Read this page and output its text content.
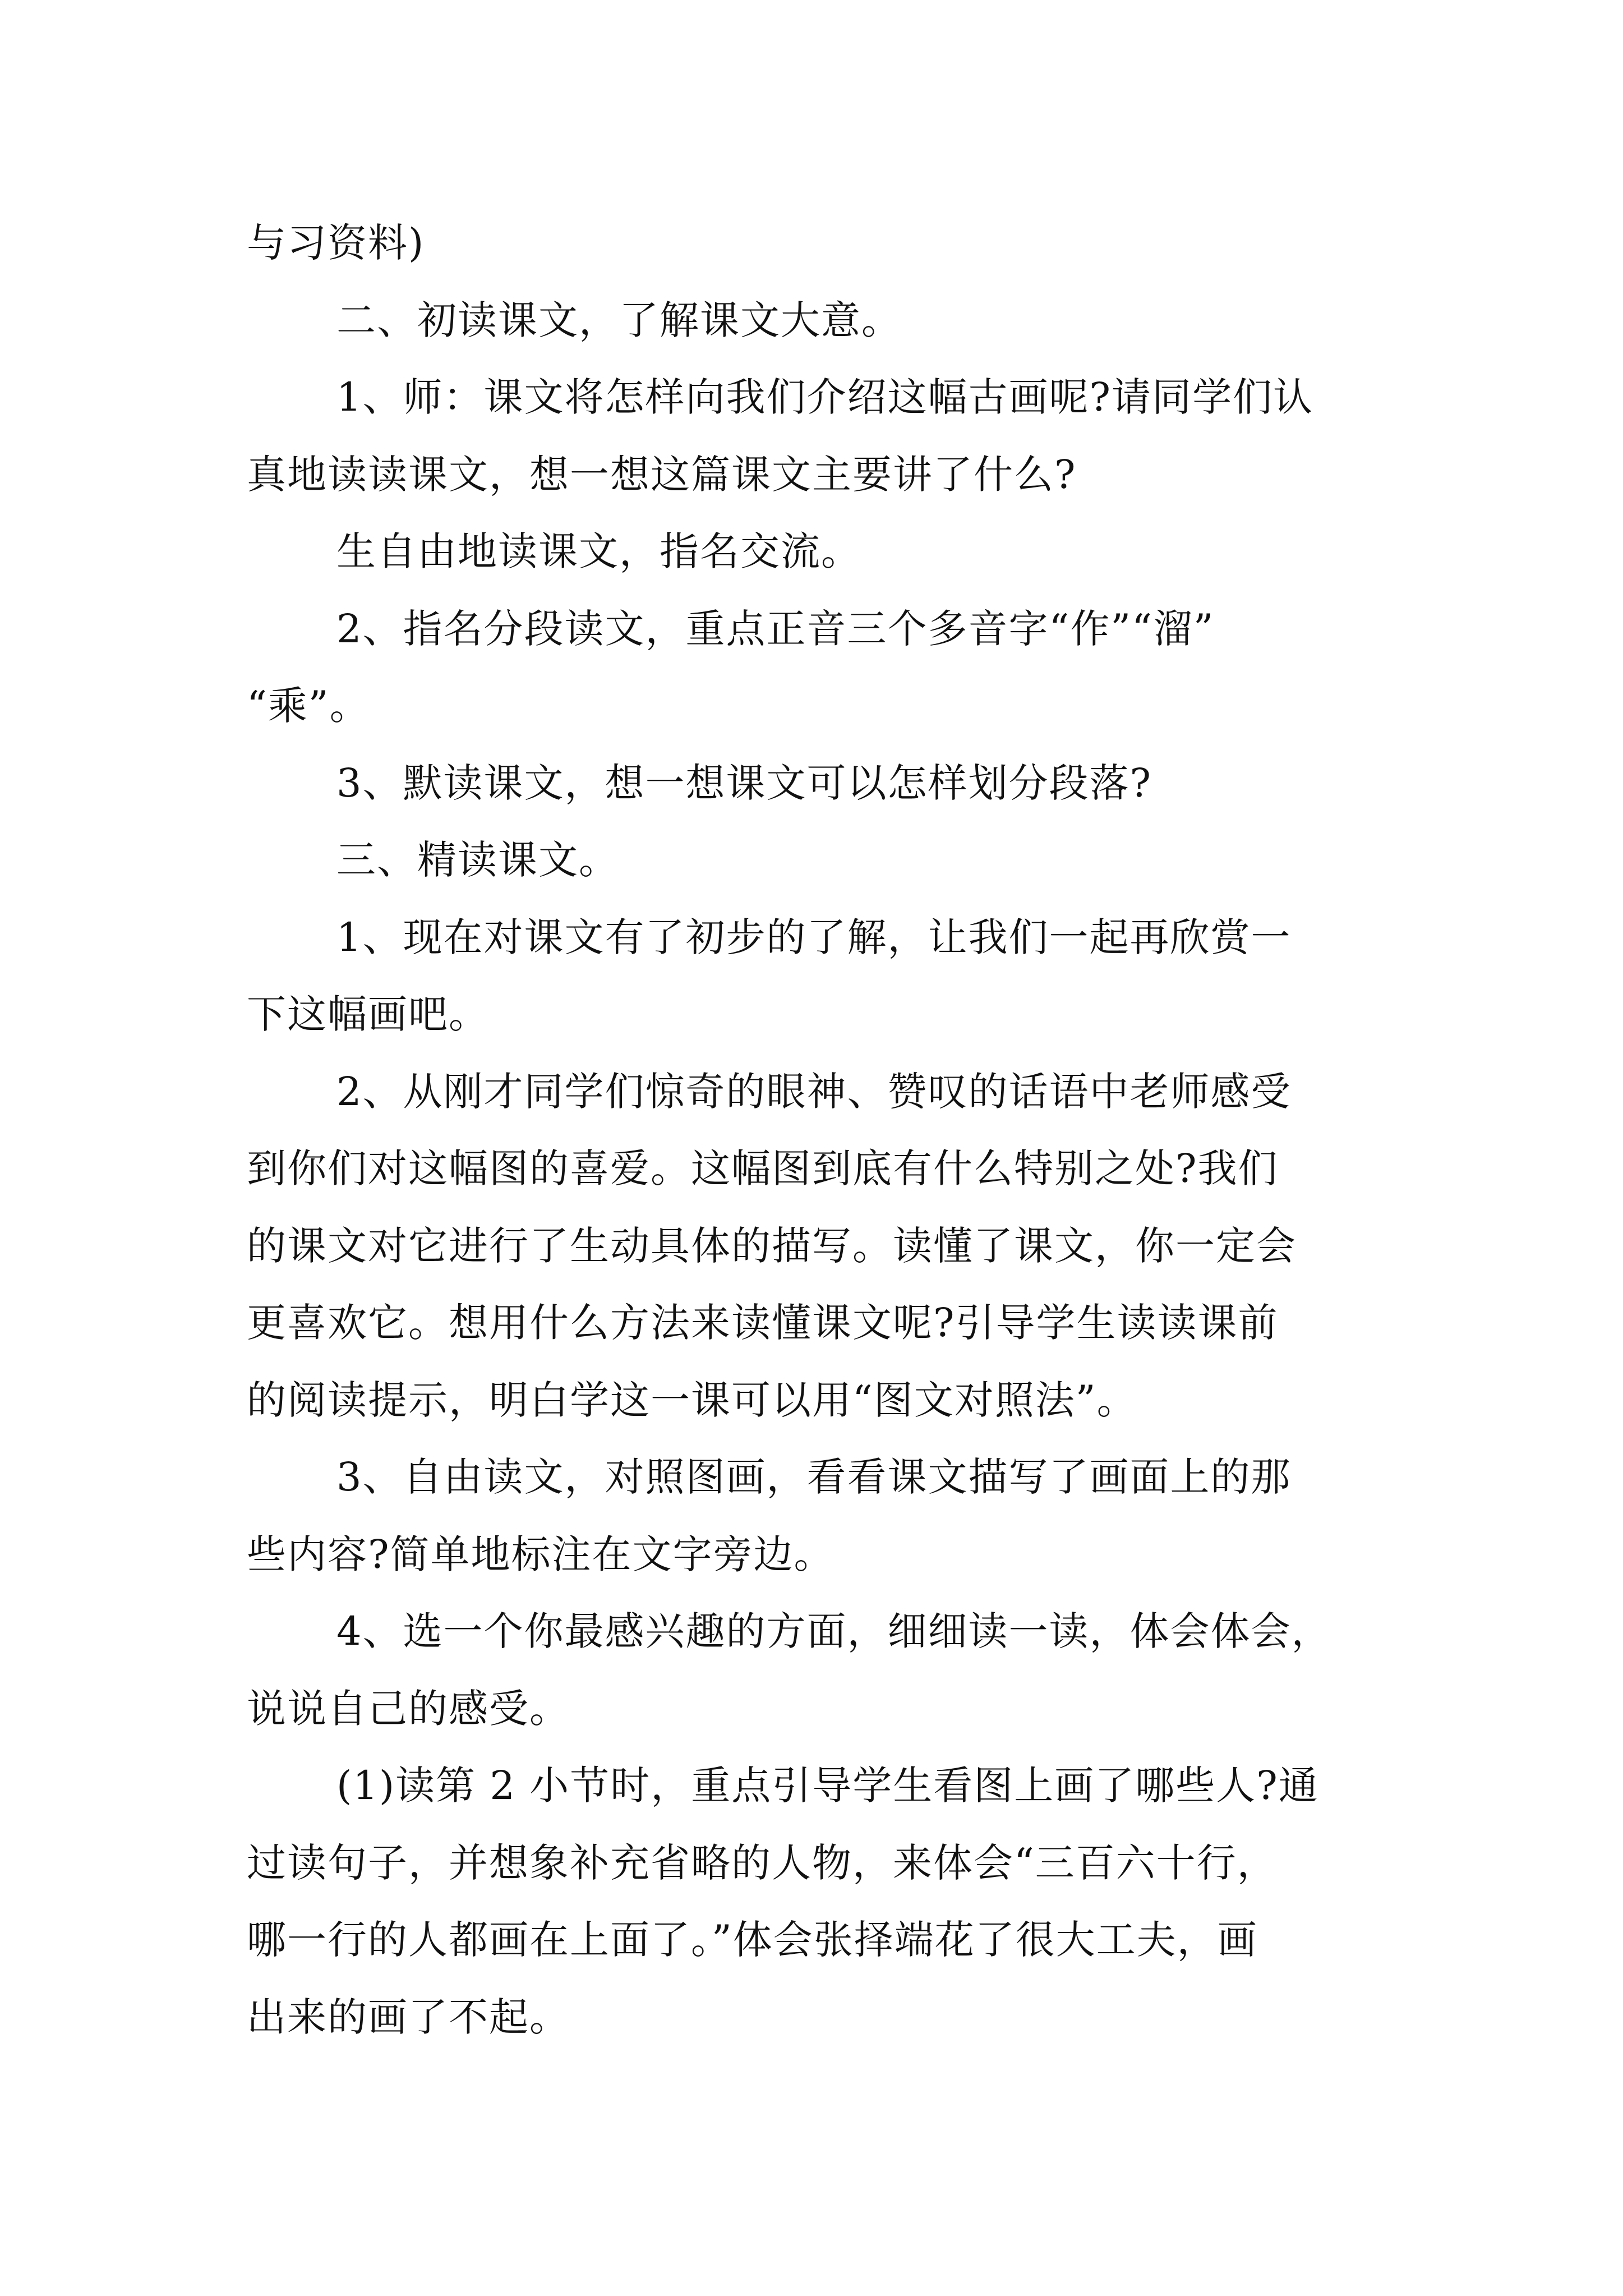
与习资料)
二、初读课文，了解课文大意。
1、师：课文将怎样向我们介绍这幅古画呢?请同学们认
真地读读课文，想一想这篇课文主要讲了什么?
生自由地读课文，指名交流。
2、指名分段读文，重点正音三个多音字“作”“溜”
“乘”。
3、默读课文，想一想课文可以怎样划分段落?
三、精读课文。
1、现在对课文有了初步的了解，让我们一起再欣赏一
下这幅画吧。
2、从刚才同学们惊奇的眼神、赞叹的话语中老师感受
到你们对这幅图的喜爱。这幅图到底有什么特别之处?我们
的课文对它进行了生动具体的描写。读懂了课文，你一定会
更喜欢它。想用什么方法来读懂课文呢?引导学生读读课前
的阅读提示，明白学这一课可以用“图文对照法”。
3、自由读文，对照图画，看看课文描写了画面上的那
些内容?简单地标注在文字旁边。
4、选一个你最感兴趣的方面，细细读一读，体会体会，
说说自己的感受。
(1)读第 2 小节时，重点引导学生看图上画了哪些人?通
过读句子，并想象补充省略的人物，来体会“三百六十行，
哪一行的人都画在上面了。”体会张择端花了很大工夫，画
出来的画了不起。
